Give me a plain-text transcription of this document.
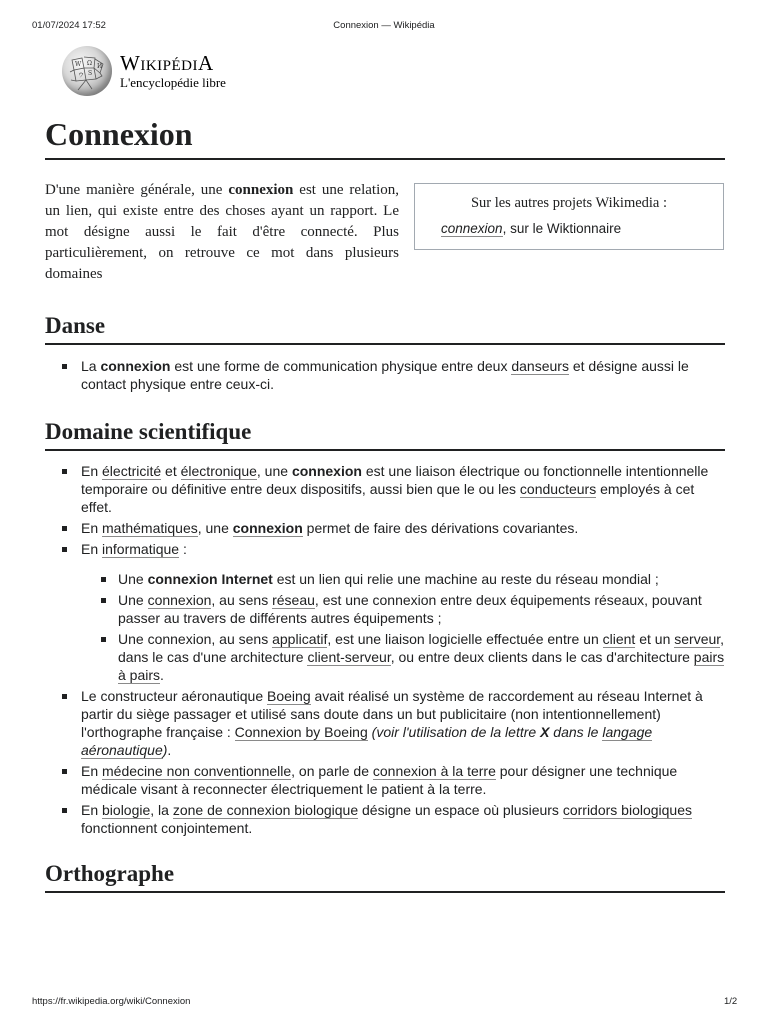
01/07/2024 17:52	Connexion — Wikipédia
W Ω И
ウ Ѕ WIKIPÉDIA
L'encyclopédie libre
Connexion

D'une manière générale, une connexion est une relation, un lien, qui existe entre des choses ayant un rapport. Le mot désigne aussi le fait d'être connecté. Plus particulièrement, on retrouve ce mot dans plusieurs domaines

Sur les autres projets Wikimedia :
connexion, sur le Wiktionnaire
Danse
La connexion est une forme de communication physique entre deux danseurs et désigne aussi le contact physique entre ceux-ci.
Domaine scientifique
En électricité et électronique, une connexion est une liaison électrique ou fonctionnelle intentionnelle temporaire ou définitive entre deux dispositifs, aussi bien que le ou les conducteurs employés à cet effet.
En mathématiques, une connexion permet de faire des dérivations covariantes.
En informatique :
Une connexion Internet est un lien qui relie une machine au reste du réseau mondial ;
Une connexion, au sens réseau, est une connexion entre deux équipements réseaux, pouvant passer au travers de différents autres équipements ;
Une connexion, au sens applicatif, est une liaison logicielle effectuée entre un client et un serveur, dans le cas d'une architecture client-serveur, ou entre deux clients dans le cas d'architecture pairs à pairs.
Le constructeur aéronautique Boeing avait réalisé un système de raccordement au réseau Internet à partir du siège passager et utilisé sans doute dans un but publicitaire (non intentionnellement) l'orthographe française : Connexion by Boeing (voir l'utilisation de la lettre X dans le langage aéronautique).
En médecine non conventionnelle, on parle de connexion à la terre pour désigner une technique médicale visant à reconnecter électriquement le patient à la terre.
En biologie, la zone de connexion biologique désigne un espace où plusieurs corridors biologiques fonctionnent conjointement.
Orthographe
https://fr.wikipedia.org/wiki/Connexion	1/2
